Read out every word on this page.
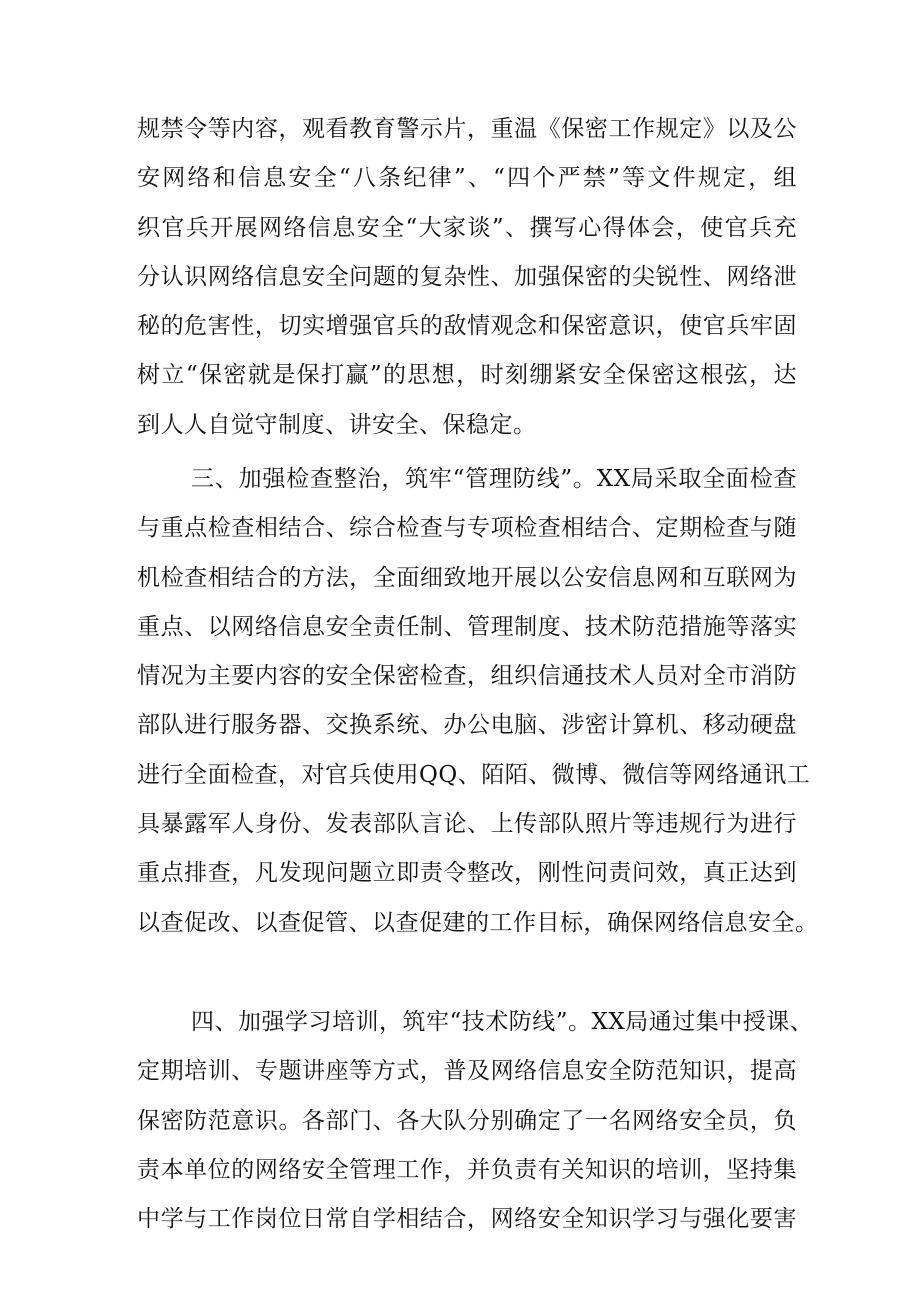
规禁令等内容，观看教育警示片，重温《保密工作规定》以及公
安网络和信息安全“八条纪律”、“四个严禁”等文件规定，组
织官兵开展网络信息安全“大家谈”、撰写心得体会，使官兵充
分认识网络信息安全问题的复杂性、加强保密的尖锐性、网络泄
秘的危害性，切实增强官兵的敌情观念和保密意识，使官兵牢固
树立“保密就是保打赢”的思想，时刻绷紧安全保密这根弦，达
到人人自觉守制度、讲安全、保稳定。
三、加强检查整治，筑牢“管理防线”。XX局采取全面检查
与重点检查相结合、综合检查与专项检查相结合、定期检查与随
机检查相结合的方法，全面细致地开展以公安信息网和互联网为
重点、以网络信息安全责任制、管理制度、技术防范措施等落实
情况为主要内容的安全保密检查，组织信通技术人员对全市消防
部队进行服务器、交换系统、办公电脑、涉密计算机、移动硬盘
进行全面检查，对官兵使用QQ、陌陌、微博、微信等网络通讯工
具暴露军人身份、发表部队言论、上传部队照片等违规行为进行
重点排查，凡发现问题立即责令整改，刚性问责问效，真正达到
以查促改、以查促管、以查促建的工作目标，确保网络信息安全。
四、加强学习培训，筑牢“技术防线”。XX局通过集中授课、
定期培训、专题讲座等方式，普及网络信息安全防范知识，提高
保密防范意识。各部门、各大队分别确定了一名网络安全员，负
责本单位的网络安全管理工作，并负责有关知识的培训，坚持集
中学与工作岗位日常自学相结合，网络安全知识学习与强化要害
